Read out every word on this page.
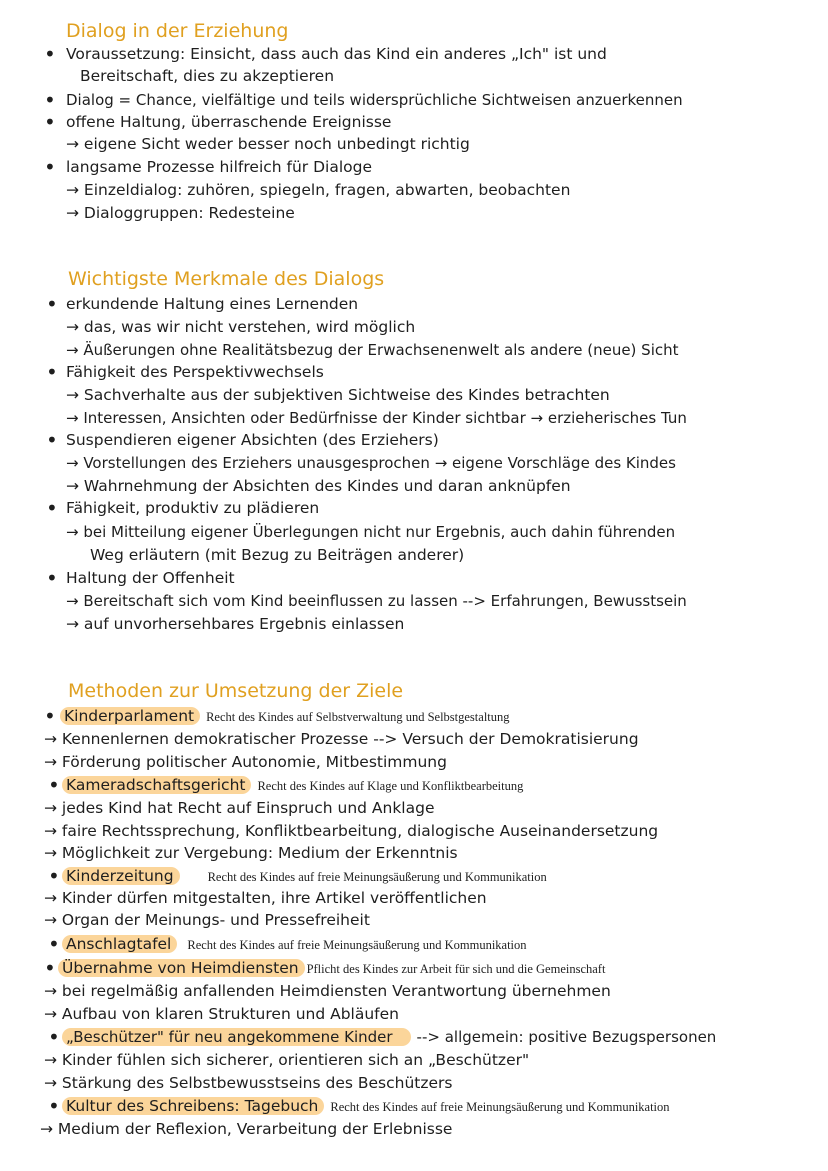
Dialog in der Erziehung
• Voraussetzung: Einsicht, dass auch das Kind ein anderes „Ich" ist und
Bereitschaft, dies zu akzeptieren
• Dialog = Chance, vielfältige und teils widersprüchliche Sichtweisen anzuerkennen
• offene Haltung, überraschende Ereignisse
→ eigene Sicht weder besser noch unbedingt richtig
• langsame Prozesse hilfreich für Dialoge
→ Einzeldialog: zuhören, spiegeln, fragen, abwarten, beobachten
→ Dialoggruppen: Redesteine
Wichtigste Merkmale des Dialogs
• erkundende Haltung eines Lernenden
→ das, was wir nicht verstehen, wird möglich
→ Äußerungen ohne Realitätsbezug der Erwachsenenwelt als andere (neue) Sicht
• Fähigkeit des Perspektivwechsels
→ Sachverhalte aus der subjektiven Sichtweise des Kindes betrachten
→ Interessen, Ansichten oder Bedürfnisse der Kinder sichtbar → erzieherisches Tun
• Suspendieren eigener Absichten (des Erziehers)
→ Vorstellungen des Erziehers unausgesprochen → eigene Vorschläge des Kindes
→ Wahrnehmung der Absichten des Kindes und daran anknüpfen
• Fähigkeit, produktiv zu plädieren
→ bei Mitteilung eigener Überlegungen nicht nur Ergebnis, auch dahin führenden
Weg erläutern (mit Bezug zu Beiträgen anderer)
• Haltung der Offenheit
→ Bereitschaft sich vom Kind beeinflussen zu lassen --> Erfahrungen, Bewusstsein
→ auf unvorhersehbares Ergebnis einlassen
Methoden zur Umsetzung der Ziele
• Kinderparlament Recht des Kindes auf Selbstverwaltung und Selbstgestaltung
→ Kennenlernen demokratischer Prozesse --> Versuch der Demokratisierung
→ Förderung politischer Autonomie, Mitbestimmung
• Kameradschaftsgericht Recht des Kindes auf Klage und Konfliktbearbeitung
→ jedes Kind hat Recht auf Einspruch und Anklage
→ faire Rechtssprechung, Konfliktbearbeitung, dialogische Auseinandersetzung
→ Möglichkeit zur Vergebung: Medium der Erkenntnis
• Kinderzeitung	Recht des Kindes auf freie Meinungsäußerung und Kommunikation
→ Kinder dürfen mitgestalten, ihre Artikel veröffentlichen
→ Organ der Meinungs- und Pressefreiheit
• Anschlagtafel Recht des Kindes auf freie Meinungsäußerung und Kommunikation
• Übernahme von Heimdiensten Pflicht des Kindes zur Arbeit für sich und die Gemeinschaft
→ bei regelmäßig anfallenden Heimdiensten Verantwortung übernehmen
→ Aufbau von klaren Strukturen und Abläufen
• „Beschützer" für neu angekommene Kinder --> allgemein: positive Bezugspersonen
→ Kinder fühlen sich sicherer, orientieren sich an „Beschützer"
→ Stärkung des Selbstbewusstseins des Beschützers
• Kultur des Schreibens: Tagebuch Recht des Kindes auf freie Meinungsäußerung und Kommunikation
→ Medium der Reflexion, Verarbeitung der Erlebnisse
